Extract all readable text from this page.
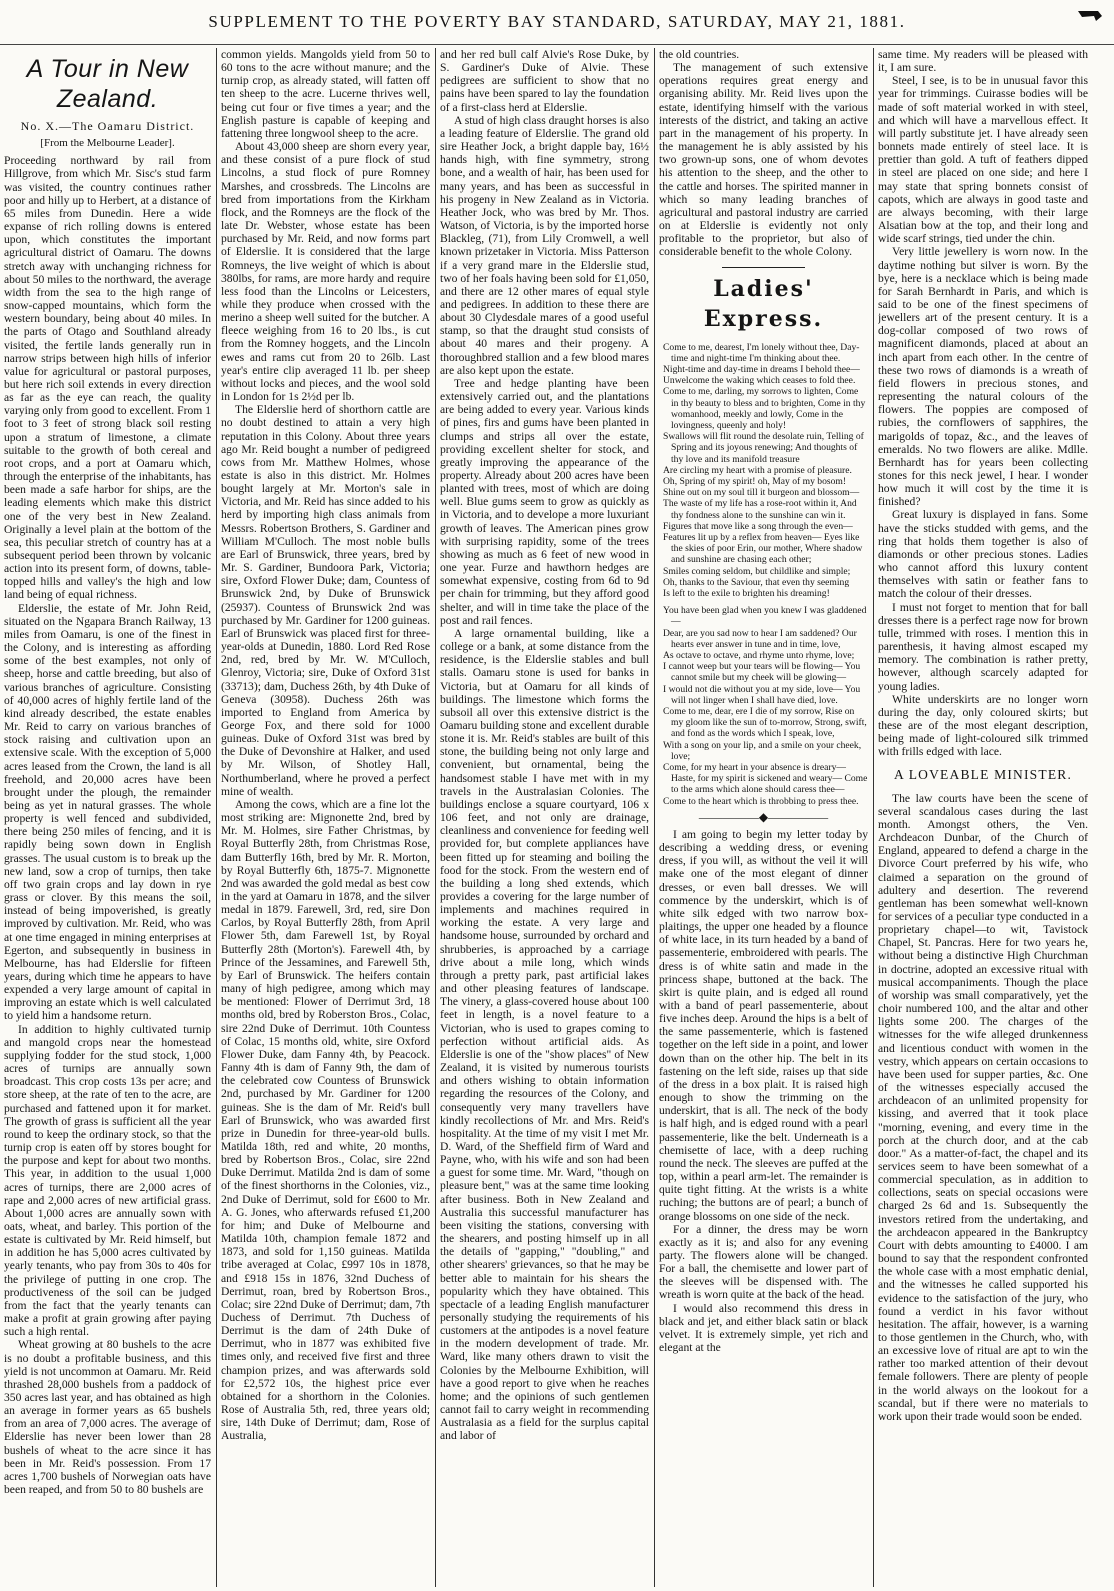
SUPPLEMENT TO THE POVERTY BAY STANDARD, SATURDAY, MAY 21, 1881.
A Tour in New Zealand.
No. X.—The Oamaru District.
[From the Melbourne Leader].

Proceeding northward by rail from Hillgrove, from which Mr. Sisc's stud farm was visited, the country continues rather poor and hilly up to Herbert, at a distance of 65 miles from Dunedin. Here a wide expanse of rich rolling downs is entered upon, which constitutes the important agricultural district of Oamaru. The downs stretch away with unchanging richness for about 50 miles to the northward, the average width from the sea to the high range of snow-capped mountains, which form the western boundary, being about 40 miles. In the parts of Otago and Southland already visited, the fertile lands generally run in narrow strips between high hills of inferior value for agricultural or pastoral purposes, but here rich soil extends in every direction as far as the eye can reach, the quality varying only from good to excellent. From 1 foot to 3 feet of strong black soil resting upon a stratum of limestone, a climate suitable to the growth of both cereal and root crops, and a port at Oamaru which, through the enterprise of the inhabitants, has been made a safe harbor for ships, are the leading elements which make this district one of the very best in New Zealand. Originally a level plain at the bottom of the sea, this peculiar stretch of country has at a subsequent period been thrown by volcanic action into its present form, of downs, table-topped hills and valley's the high and low land being of equal richness.

Elderslie, the estate of Mr. John Reid, situated on the Ngapara Branch Railway, 13 miles from Oamaru, is one of the finest in the Colony, and is interesting as affording some of the best examples, not only of sheep, horse and cattle breeding, but also of various branches of agriculture. Consisting of 40,000 acres of highly fertile land of the kind already described, the estate enables Mr. Reid to carry on various branches of stock raising and cultivation upon an extensive scale. With the exception of 5,000 acres leased from the Crown, the land is all freehold, and 20,000 acres have been brought under the plough, the remainder being as yet in natural grasses. The whole property is well fenced and subdivided, there being 250 miles of fencing, and it is rapidly being sown down in English grasses. The usual custom is to break up the new land, sow a crop of turnips, then take off two grain crops and lay down in rye grass or clover. By this means the soil, instead of being impoverished, is greatly improved by cultivation. Mr. Reid, who was at one time engaged in mining enterprises at Egerton, and subsequently in business in Melbourne, has had Elderslie for fifteen years, during which time he appears to have expended a very large amount of capital in improving an estate which is well calculated to yield him a handsome return.

In addition to highly cultivated turnip and mangold crops near the homestead supplying fodder for the stud stock, 1,000 acres of turnips are annually sown broadcast. This crop costs 13s per acre; and store sheep, at the rate of ten to the acre, are purchased and fattened upon it for market. The growth of grass is sufficient all the year round to keep the ordinary stock, so that the turnip crop is eaten off by stores bought for the purpose and kept for about two months. This year, in addition to the usual 1,000 acres of turnips, there are 2,000 acres of rape and 2,000 acres of new artificial grass. About 1,000 acres are annually sown with oats, wheat, and barley. This portion of the estate is cultivated by Mr. Reid himself, but in addition he has 5,000 acres cultivated by yearly tenants, who pay from 30s to 40s for the privilege of putting in one crop. The productiveness of the soil can be judged from the fact that the yearly tenants can make a profit at grain growing after paying such a high rental.

Wheat growing at 80 bushels to the acre is no doubt a profitable business, and this yield is not uncommon at Oamaru. Mr. Reid thrashed 28,000 bushels from a paddock of 350 acres last year, and has obtained as high an average in former years as 65 bushels from an area of 7,000 acres. The average of Elderslie has never been lower than 28 bushels of wheat to the acre since it has been in Mr. Reid's possession. From 17 acres 1,700 bushels of Norwegian oats have been reaped, and from 50 to 80 bushels are

common yields. Mangolds yield from 50 to 60 tons to the acre without manure; and the turnip crop, as already stated, will fatten off ten sheep to the acre. Lucerne thrives well, being cut four or five times a year; and the English pasture is capable of keeping and fattening three longwool sheep to the acre.

About 43,000 sheep are shorn every year, and these consist of a pure flock of stud Lincolns, a stud flock of pure Romney Marshes, and crossbreds. The Lincolns are bred from importations from the Kirkham flock, and the Romneys are the flock of the late Dr. Webster, whose estate has been purchased by Mr. Reid, and now forms part of Elderslie. It is considered that the large Romneys, the live weight of which is about 380lbs, for rams, are more hardy and require less food than the Lincolns or Leicesters, while they produce when crossed with the merino a sheep well suited for the butcher. A fleece weighing from 16 to 20 lbs., is cut from the Romney hoggets, and the Lincoln ewes and rams cut from 20 to 26lb. Last year's entire clip averaged 11 lb. per sheep without locks and pieces, and the wool sold in London for 1s 2½d per lb.

The Elderslie herd of shorthorn cattle are no doubt destined to attain a very high reputation in this Colony. About three years ago Mr. Reid bought a number of pedigreed cows from Mr. Matthew Holmes, whose estate is also in this district. Mr. Holmes bought largely at Mr. Morton's sale in Victoria, and Mr. Reid has since added to his herd by importing high class animals from Messrs. Robertson Brothers, S. Gardiner and William M'Culloch. The most noble bulls are Earl of Brunswick, three years, bred by Mr. S. Gardiner, Bundoora Park, Victoria; sire, Oxford Flower Duke; dam, Countess of Brunswick 2nd, by Duke of Brunswick (25937). Countess of Brunswick 2nd was purchased by Mr. Gardiner for 1200 guineas. Earl of Brunswick was placed first for three-year-olds at Dunedin, 1880. Lord Red Rose 2nd, red, bred by Mr. W. M'Culloch, Glenroy, Victoria; sire, Duke of Oxford 31st (33713); dam, Duchess 26th, by 4th Duke of Geneva (30958). Duchess 26th was imported to England from America by George Fox, and there sold for 1000 guineas. Duke of Oxford 31st was bred by the Duke of Devonshire at Halker, and used by Mr. Wilson, of Shotley Hall, Northumberland, where he proved a perfect mine of wealth.

Among the cows, which are a fine lot the most striking are: Mignonette 2nd, bred by Mr. M. Holmes, sire Father Christmas, by Royal Butterfly 28th, from Christmas Rose, dam Butterfly 16th, bred by Mr. R. Morton, by Royal Butterfly 6th, 1875-7. Mignonette 2nd was awarded the gold medal as best cow in the yard at Oamaru in 1878, and the silver medal in 1879. Farewell, 3rd, red, sire Don Carlos, by Royal Butterfly 28th, from April Flower 5th, dam Farewell 1st, by Royal Butterfly 28th (Morton's). Farewell 4th, by Prince of the Jessamines, and Farewell 5th, by Earl of Brunswick. The heifers contain many of high pedigree, among which may be mentioned: Flower of Derrimut 3rd, 18 months old, bred by Roberston Bros., Colac, sire 22nd Duke of Derrimut. 10th Countess of Colac, 15 months old, white, sire Oxford Flower Duke, dam Fanny 4th, by Peacock. Fanny 4th is dam of Fanny 9th, the dam of the celebrated cow Countess of Brunswick 2nd, purchased by Mr. Gardiner for 1200 guineas. She is the dam of Mr. Reid's bull Earl of Brunswick, who was awarded first prize in Dunedin for three-year-old bulls. Matilda 18th, red and white, 20 months, bred by Robertson Bros., Colac, sire 22nd Duke Derrimut. Matilda 2nd is dam of some of the finest shorthorns in the Colonies, viz., 2nd Duke of Derrimut, sold for £600 to Mr. A. G. Jones, who afterwards refused £1,200 for him; and Duke of Melbourne and Matilda 10th, champion female 1872 and 1873, and sold for 1,150 guineas. Matilda tribe averaged at Colac, £997 10s in 1878, and £918 15s in 1876, 32nd Duchess of Derrimut, roan, bred by Robertson Bros., Colac; sire 22nd Duke of Derrimut; dam, 7th Duchess of Derrimut. 7th Duchess of Derrimut is the dam of 24th Duke of Derrimut, who in 1877 was exhibited five times only, and received five first and three champion prizes, and was afterwards sold for £2,572 10s, the highest price ever obtained for a shorthorn in the Colonies. Rose of Australia 5th, red, three years old; sire, 14th Duke of Derrimut; dam, Rose of Australia,

and her red bull calf Alvie's Rose Duke, by S. Gardiner's Duke of Alvie. These pedigrees are sufficient to show that no pains have been spared to lay the foundation of a first-class herd at Elderslie.

A stud of high class draught horses is also a leading feature of Elderslie. The grand old sire Heather Jock, a bright dapple bay, 16½ hands high, with fine symmetry, strong bone, and a wealth of hair, has been used for many years, and has been as successful in his progeny in New Zealand as in Victoria. Heather Jock, who was bred by Mr. Thos. Watson, of Victoria, is by the imported horse Blackleg, (71), from Lily Cromwell, a well known prizetaker in Victoria. Miss Patterson if a very grand mare in the Elderslie stud, two of her foals having been sold for £1,050, and there are 12 other mares of equal style and pedigrees. In addition to these there are about 30 Clydesdale mares of a good useful stamp, so that the draught stud consists of about 40 mares and their progeny. A thoroughbred stallion and a few blood mares are also kept upon the estate.

Tree and hedge planting have been extensively carried out, and the plantations are being added to every year. Various kinds of pines, firs and gums have been planted in clumps and strips all over the estate, providing excellent shelter for stock, and greatly improving the appearance of the property. Already about 200 acres have been planted with trees, most of which are doing well. Blue gums seem to grow as quickly as in Victoria, and to develope a more luxuriant growth of leaves. The American pines grow with surprising rapidity, some of the trees showing as much as 6 feet of new wood in one year. Furze and hawthorn hedges are somewhat expensive, costing from 6d to 9d per chain for trimming, but they afford good shelter, and will in time take the place of the post and rail fences.

A large ornamental building, like a college or a bank, at some distance from the residence, is the Elderslie stables and bull stalls. Oamaru stone is used for banks in Victoria, but at Oamaru for all kinds of buildings. The limestone which forms the subsoil all over this extensive district is the Oamaru building stone and excellent durable stone it is. Mr. Reid's stables are built of this stone, the building being not only large and convenient, but ornamental, being the handsomest stable I have met with in my travels in the Australasian Colonies. The buildings enclose a square courtyard, 106 x 106 feet, and not only are drainage, cleanliness and convenience for feeding well provided for, but complete appliances have been fitted up for steaming and boiling the food for the stock. From the western end of the building a long shed extends, which provides a covering for the large number of implements and machines required in working the estate. A very large and handsome house, surrounded by orchard and shrubberies, is approached by a carriage drive about a mile long, which winds through a pretty park, past artificial lakes and other pleasing features of landscape. The vinery, a glass-covered house about 100 feet in length, is a novel feature to a Victorian, who is used to grapes coming to perfection without artificial aids. As Elderslie is one of the "show places" of New Zealand, it is visited by numerous tourists and others wishing to obtain information regarding the resources of the Colony, and consequently very many travellers have kindly recollections of Mr. and Mrs. Reid's hospitality. At the time of my visit I met Mr. D. Ward, of the Sheffield firm of Ward and Payne, who, with his wife and son had been a guest for some time. Mr. Ward, "though on pleasure bent," was at the same time looking after business. Both in New Zealand and Australia this successful manufacturer has been visiting the stations, conversing with the shearers, and posting himself up in all the details of "gapping," "doubling," and other shearers' grievances, so that he may be better able to maintain for his shears the popularity which they have obtained. This spectacle of a leading English manufacturer personally studying the requirements of his customers at the antipodes is a novel feature in the modern development of trade. Mr. Ward, like many others drawn to visit the Colonies by the Melbourne Exhibition, will have a good report to give when he reaches home; and the opinions of such gentlemen cannot fail to carry weight in recommending Australasia as a field for the surplus capital and labor of

the old countries.

The management of such extensive operations requires great energy and organising ability. Mr. Reid lives upon the estate, identifying himself with the various interests of the district, and taking an active part in the management of his property. In the management he is ably assisted by his two grown-up sons, one of whom devotes his attention to the sheep, and the other to the cattle and horses. The spirited manner in which so many leading branches of agricultural and pastoral industry are carried on at Elderslie is evidently not only profitable to the proprietor, but also of considerable benefit to the whole Colony.

Ladies' Express.
Come to me, dearest, I'm lonely without thee, Day-time and night-time I'm thinking about thee.
Night-time and day-time in dreams I behold thee—
Unwelcome the waking which ceases to fold thee.
Come to me, darling, my sorrows to lighten, Come in thy beauty to bless and to brighten, Come in thy womanhood, meekly and lowly, Come in the lovingness, queenly and holy!
Swallows will flit round the desolate ruin, Telling of Spring and its joyous renewing; And thoughts of thy love and its manifold treasure
Are circling my heart with a promise of pleasure.
Oh, Spring of my spirit! oh, May of my bosom!
Shine out on my soul till it burgeon and blossom—
The waste of my life has a rose-root within it, And thy fondness alone to the sunshine can win it.
Figures that move like a song through the even—
Features lit up by a reflex from heaven— Eyes like the skies of poor Erin, our mother, Where shadow and sunshine are chasing each other;
Smiles coming seldom, but childlike and simple;
Oh, thanks to the Saviour, that even thy seeming
Is left to the exile to brighten his dreaming!
You have been glad when you knew I was gladdened—
Dear, are you sad now to hear I am saddened? Our hearts ever answer in tune and in time, love,
As octave to octave, and rhyme unto rhyme, love;
I cannot weep but your tears will be flowing— You cannot smile but my cheek will be glowing—
I would not die without you at my side, love— You will not linger when I shall have died, love.
Come to me, dear, ere I die of my sorrow, Rise on my gloom like the sun of to-morrow, Strong, swift, and fond as the words which I speak, love,
With a song on your lip, and a smile on your cheek, love;
Come, for my heart in your absence is dreary— Haste, for my spirit is sickened and weary— Come to the arms which alone should caress thee—
Come to the heart which is throbbing to press thee.
—————◆—————

I am going to begin my letter today by describing a wedding dress, or evening dress, if you will, as without the veil it will make one of the most elegant of dinner dresses, or even ball dresses. We will commence by the underskirt, which is of white silk edged with two narrow box-plaitings, the upper one headed by a flounce of white lace, in its turn headed by a band of passementerie, embroidered with pearls. The dress is of white satin and made in the princess shape, buttoned at the back. The skirt is quite plain, and is edged all round with a band of pearl passementerie, about five inches deep. Around the hips is a belt of the same passementerie, which is fastened together on the left side in a point, and lower down than on the other hip. The belt in its fastening on the left side, raises up that side of the dress in a box plait. It is raised high enough to show the trimming on the underskirt, that is all. The neck of the body is half high, and is edged round with a pearl passementerie, like the belt. Underneath is a chemisette of lace, with a deep ruching round the neck. The sleeves are puffed at the top, within a pearl arm-let. The remainder is quite tight fitting. At the wrists is a white ruching; the buttons are of pearl; a bunch of orange blossoms on one side of the neck.

For a dinner, the dress may be worn exactly as it is; and also for any evening party. The flowers alone will be changed. For a ball, the chemisette and lower part of the sleeves will be dispensed with. The wreath is worn quite at the back of the head.

I would also recommend this dress in black and jet, and either black satin or black velvet. It is extremely simple, yet rich and elegant at the

same time. My readers will be pleased with it, I am sure.

Steel, I see, is to be in unusual favor this year for trimmings. Cuirasse bodies will be made of soft material worked in with steel, and which will have a marvellous effect. It will partly substitute jet. I have already seen bonnets made entirely of steel lace. It is prettier than gold. A tuft of feathers dipped in steel are placed on one side; and here I may state that spring bonnets consist of capots, which are always in good taste and are always becoming, with their large Alsatian bow at the top, and their long and wide scarf strings, tied under the chin.

Very little jewellery is worn now. In the daytime nothing but silver is worn. By the bye, here is a necklace which is being made for Sarah Bernhardt in Paris, and which is said to be one of the finest specimens of jewellers art of the present century. It is a dog-collar composed of two rows of magnificent diamonds, placed at about an inch apart from each other. In the centre of these two rows of diamonds is a wreath of field flowers in precious stones, and representing the natural colours of the flowers. The poppies are composed of rubies, the cornflowers of sapphires, the marigolds of topaz, &c., and the leaves of emeralds. No two flowers are alike. Mdlle. Bernhardt has for years been collecting stones for this neck jewel, I hear. I wonder how much it will cost by the time it is finished?

Great luxury is displayed in fans. Some have the sticks studded with gems, and the ring that holds them together is also of diamonds or other precious stones. Ladies who cannot afford this luxury content themselves with satin or feather fans to match the colour of their dresses.

I must not forget to mention that for ball dresses there is a perfect rage now for brown tulle, trimmed with roses. I mention this in parenthesis, it having almost escaped my memory. The combination is rather pretty, however, although scarcely adapted for young ladies.

White underskirts are no longer worn during the day, only coloured skirts; but these are of the most elegant description, being made of light-coloured silk trimmed with frills edged with lace.

A LOVEABLE MINISTER.

The law courts have been the scene of several scandalous cases during the last month. Amongst others, the Ven. Archdeacon Dunbar, of the Church of England, appeared to defend a charge in the Divorce Court preferred by his wife, who claimed a separation on the ground of adultery and desertion. The reverend gentleman has been somewhat well-known for services of a peculiar type conducted in a proprietary chapel—to wit, Tavistock Chapel, St. Pancras. Here for two years he, without being a distinctive High Churchman in doctrine, adopted an excessive ritual with musical accompaniments. Though the place of worship was small comparatively, yet the choir numbered 100, and the altar and other lights some 200. The charges of the witnesses for the wife alleged drunkenness and licentious conduct with women in the vestry, which appears on certain occasions to have been used for supper parties, &c. One of the witnesses especially accused the archdeacon of an unlimited propensity for kissing, and averred that it took place "morning, evening, and every time in the porch at the church door, and at the cab door." As a matter-of-fact, the chapel and its services seem to have been somewhat of a commercial speculation, as in addition to collections, seats on special occasions were charged 2s 6d and 1s. Subsequently the investors retired from the undertaking, and the archdeacon appeared in the Bankruptcy Court with debts amounting to £4000. I am bound to say that the respondent confronted the whole case with a most emphatic denial, and the witnesses he called supported his evidence to the satisfaction of the jury, who found a verdict in his favor without hesitation. The affair, however, is a warning to those gentlemen in the Church, who, with an excessive love of ritual are apt to win the rather too marked attention of their devout female followers. There are plenty of people in the world always on the lookout for a scandal, but if there were no materials to work upon their trade would soon be ended.
